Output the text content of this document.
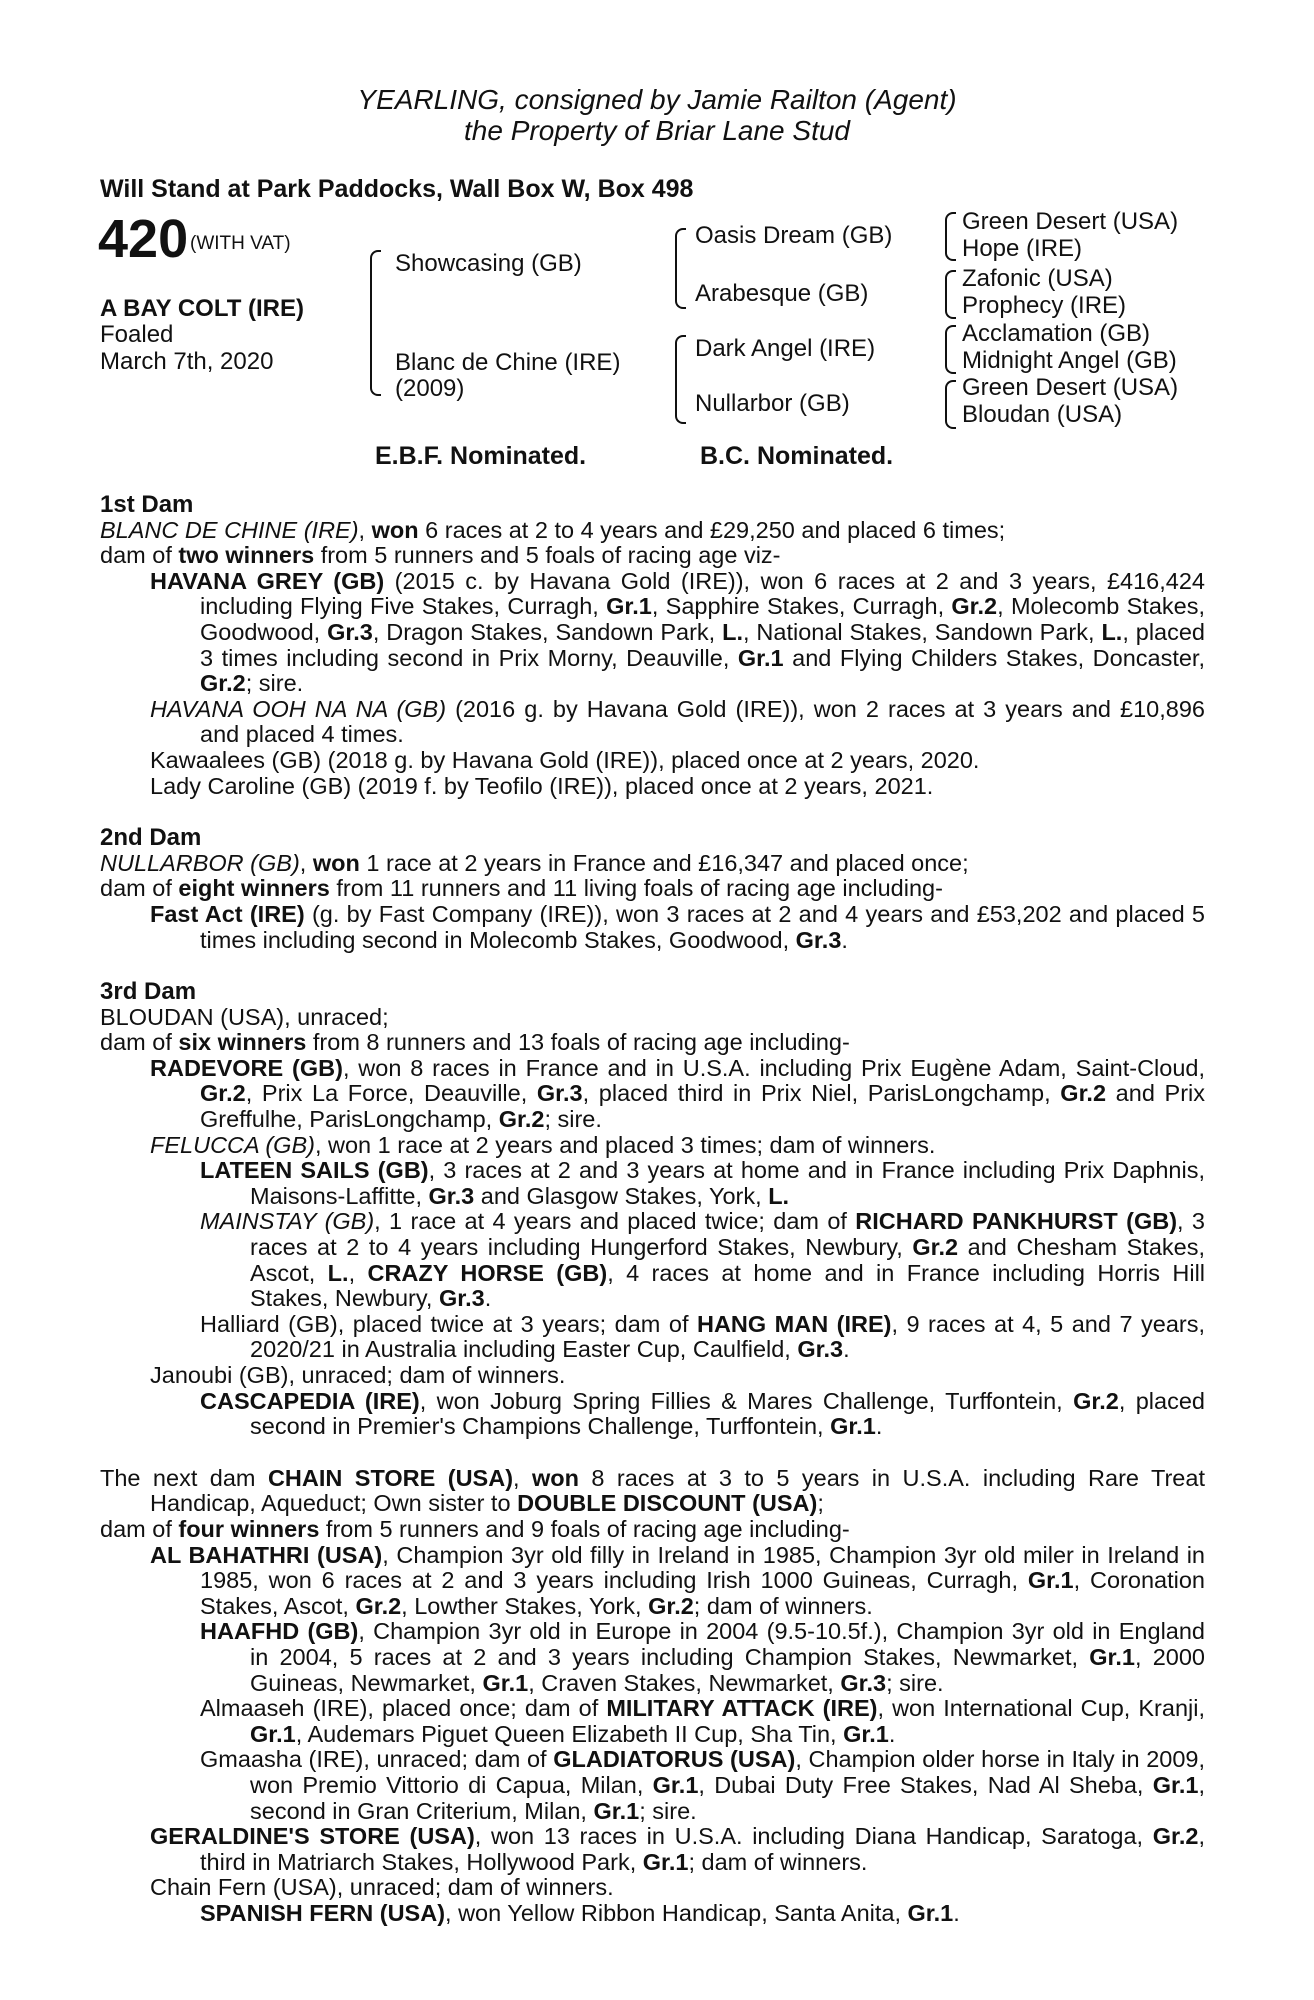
YEARLING, consigned by Jamie Railton (Agent)
the Property of Briar Lane Stud
Will Stand at Park Paddocks, Wall Box W, Box 498
420 (WITH VAT)
A BAY COLT (IRE)
Foaled
March 7th, 2020
Showcasing (GB)
Blanc de Chine (IRE)
(2009)
Oasis Dream (GB)
Arabesque (GB)
Dark Angel (IRE)
Nullarbor (GB)
Green Desert (USA)
Hope (IRE)
Zafonic (USA)
Prophecy (IRE)
Acclamation (GB)
Midnight Angel (GB)
Green Desert (USA)
Bloudan (USA)
E.B.F. Nominated.	B.C. Nominated.
1st Dam

BLANC DE CHINE (IRE), won 6 races at 2 to 4 years and £29,250 and placed 6 times;

dam of two winners from 5 runners and 5 foals of racing age viz-

HAVANA GREY (GB) (2015 c. by Havana Gold (IRE)), won 6 races at 2 and 3 years, £416,424 including Flying Five Stakes, Curragh, Gr.1, Sapphire Stakes, Curragh, Gr.2, Molecomb Stakes, Goodwood, Gr.3, Dragon Stakes, Sandown Park, L., National Stakes, Sandown Park, L., placed 3 times including second in Prix Morny, Deauville, Gr.1 and Flying Childers Stakes, Doncaster, Gr.2; sire.

HAVANA OOH NA NA (GB) (2016 g. by Havana Gold (IRE)), won 2 races at 3 years and £10,896 and placed 4 times.

Kawaalees (GB) (2018 g. by Havana Gold (IRE)), placed once at 2 years, 2020.

Lady Caroline (GB) (2019 f. by Teofilo (IRE)), placed once at 2 years, 2021.

2nd Dam

NULLARBOR (GB), won 1 race at 2 years in France and £16,347 and placed once;

dam of eight winners from 11 runners and 11 living foals of racing age including-

Fast Act (IRE) (g. by Fast Company (IRE)), won 3 races at 2 and 4 years and £53,202 and placed 5 times including second in Molecomb Stakes, Goodwood, Gr.3.

3rd Dam

BLOUDAN (USA), unraced;

dam of six winners from 8 runners and 13 foals of racing age including-

RADEVORE (GB), won 8 races in France and in U.S.A. including Prix Eugène Adam, Saint-Cloud, Gr.2, Prix La Force, Deauville, Gr.3, placed third in Prix Niel, ParisLongchamp, Gr.2 and Prix Greffulhe, ParisLongchamp, Gr.2; sire.

FELUCCA (GB), won 1 race at 2 years and placed 3 times; dam of winners.

LATEEN SAILS (GB), 3 races at 2 and 3 years at home and in France including Prix Daphnis, Maisons-Laffitte, Gr.3 and Glasgow Stakes, York, L.

MAINSTAY (GB), 1 race at 4 years and placed twice; dam of RICHARD PANKHURST (GB), 3 races at 2 to 4 years including Hungerford Stakes, Newbury, Gr.2 and Chesham Stakes, Ascot, L., CRAZY HORSE (GB), 4 races at home and in France including Horris Hill Stakes, Newbury, Gr.3.

Halliard (GB), placed twice at 3 years; dam of HANG MAN (IRE), 9 races at 4, 5 and 7 years, 2020/21 in Australia including Easter Cup, Caulfield, Gr.3.

Janoubi (GB), unraced; dam of winners.

CASCAPEDIA (IRE), won Joburg Spring Fillies & Mares Challenge, Turffontein, Gr.2, placed second in Premier's Champions Challenge, Turffontein, Gr.1.

The next dam CHAIN STORE (USA), won 8 races at 3 to 5 years in U.S.A. including Rare Treat Handicap, Aqueduct; Own sister to DOUBLE DISCOUNT (USA);

dam of four winners from 5 runners and 9 foals of racing age including-

AL BAHATHRI (USA), Champion 3yr old filly in Ireland in 1985, Champion 3yr old miler in Ireland in 1985, won 6 races at 2 and 3 years including Irish 1000 Guineas, Curragh, Gr.1, Coronation Stakes, Ascot, Gr.2, Lowther Stakes, York, Gr.2; dam of winners.

HAAFHD (GB), Champion 3yr old in Europe in 2004 (9.5-10.5f.), Champion 3yr old in England in 2004, 5 races at 2 and 3 years including Champion Stakes, Newmarket, Gr.1, 2000 Guineas, Newmarket, Gr.1, Craven Stakes, Newmarket, Gr.3; sire.

Almaaseh (IRE), placed once; dam of MILITARY ATTACK (IRE), won International Cup, Kranji, Gr.1, Audemars Piguet Queen Elizabeth II Cup, Sha Tin, Gr.1.

Gmaasha (IRE), unraced; dam of GLADIATORUS (USA), Champion older horse in Italy in 2009, won Premio Vittorio di Capua, Milan, Gr.1, Dubai Duty Free Stakes, Nad Al Sheba, Gr.1, second in Gran Criterium, Milan, Gr.1; sire.

GERALDINE'S STORE (USA), won 13 races in U.S.A. including Diana Handicap, Saratoga, Gr.2, third in Matriarch Stakes, Hollywood Park, Gr.1; dam of winners.

Chain Fern (USA), unraced; dam of winners.

SPANISH FERN (USA), won Yellow Ribbon Handicap, Santa Anita, Gr.1.
